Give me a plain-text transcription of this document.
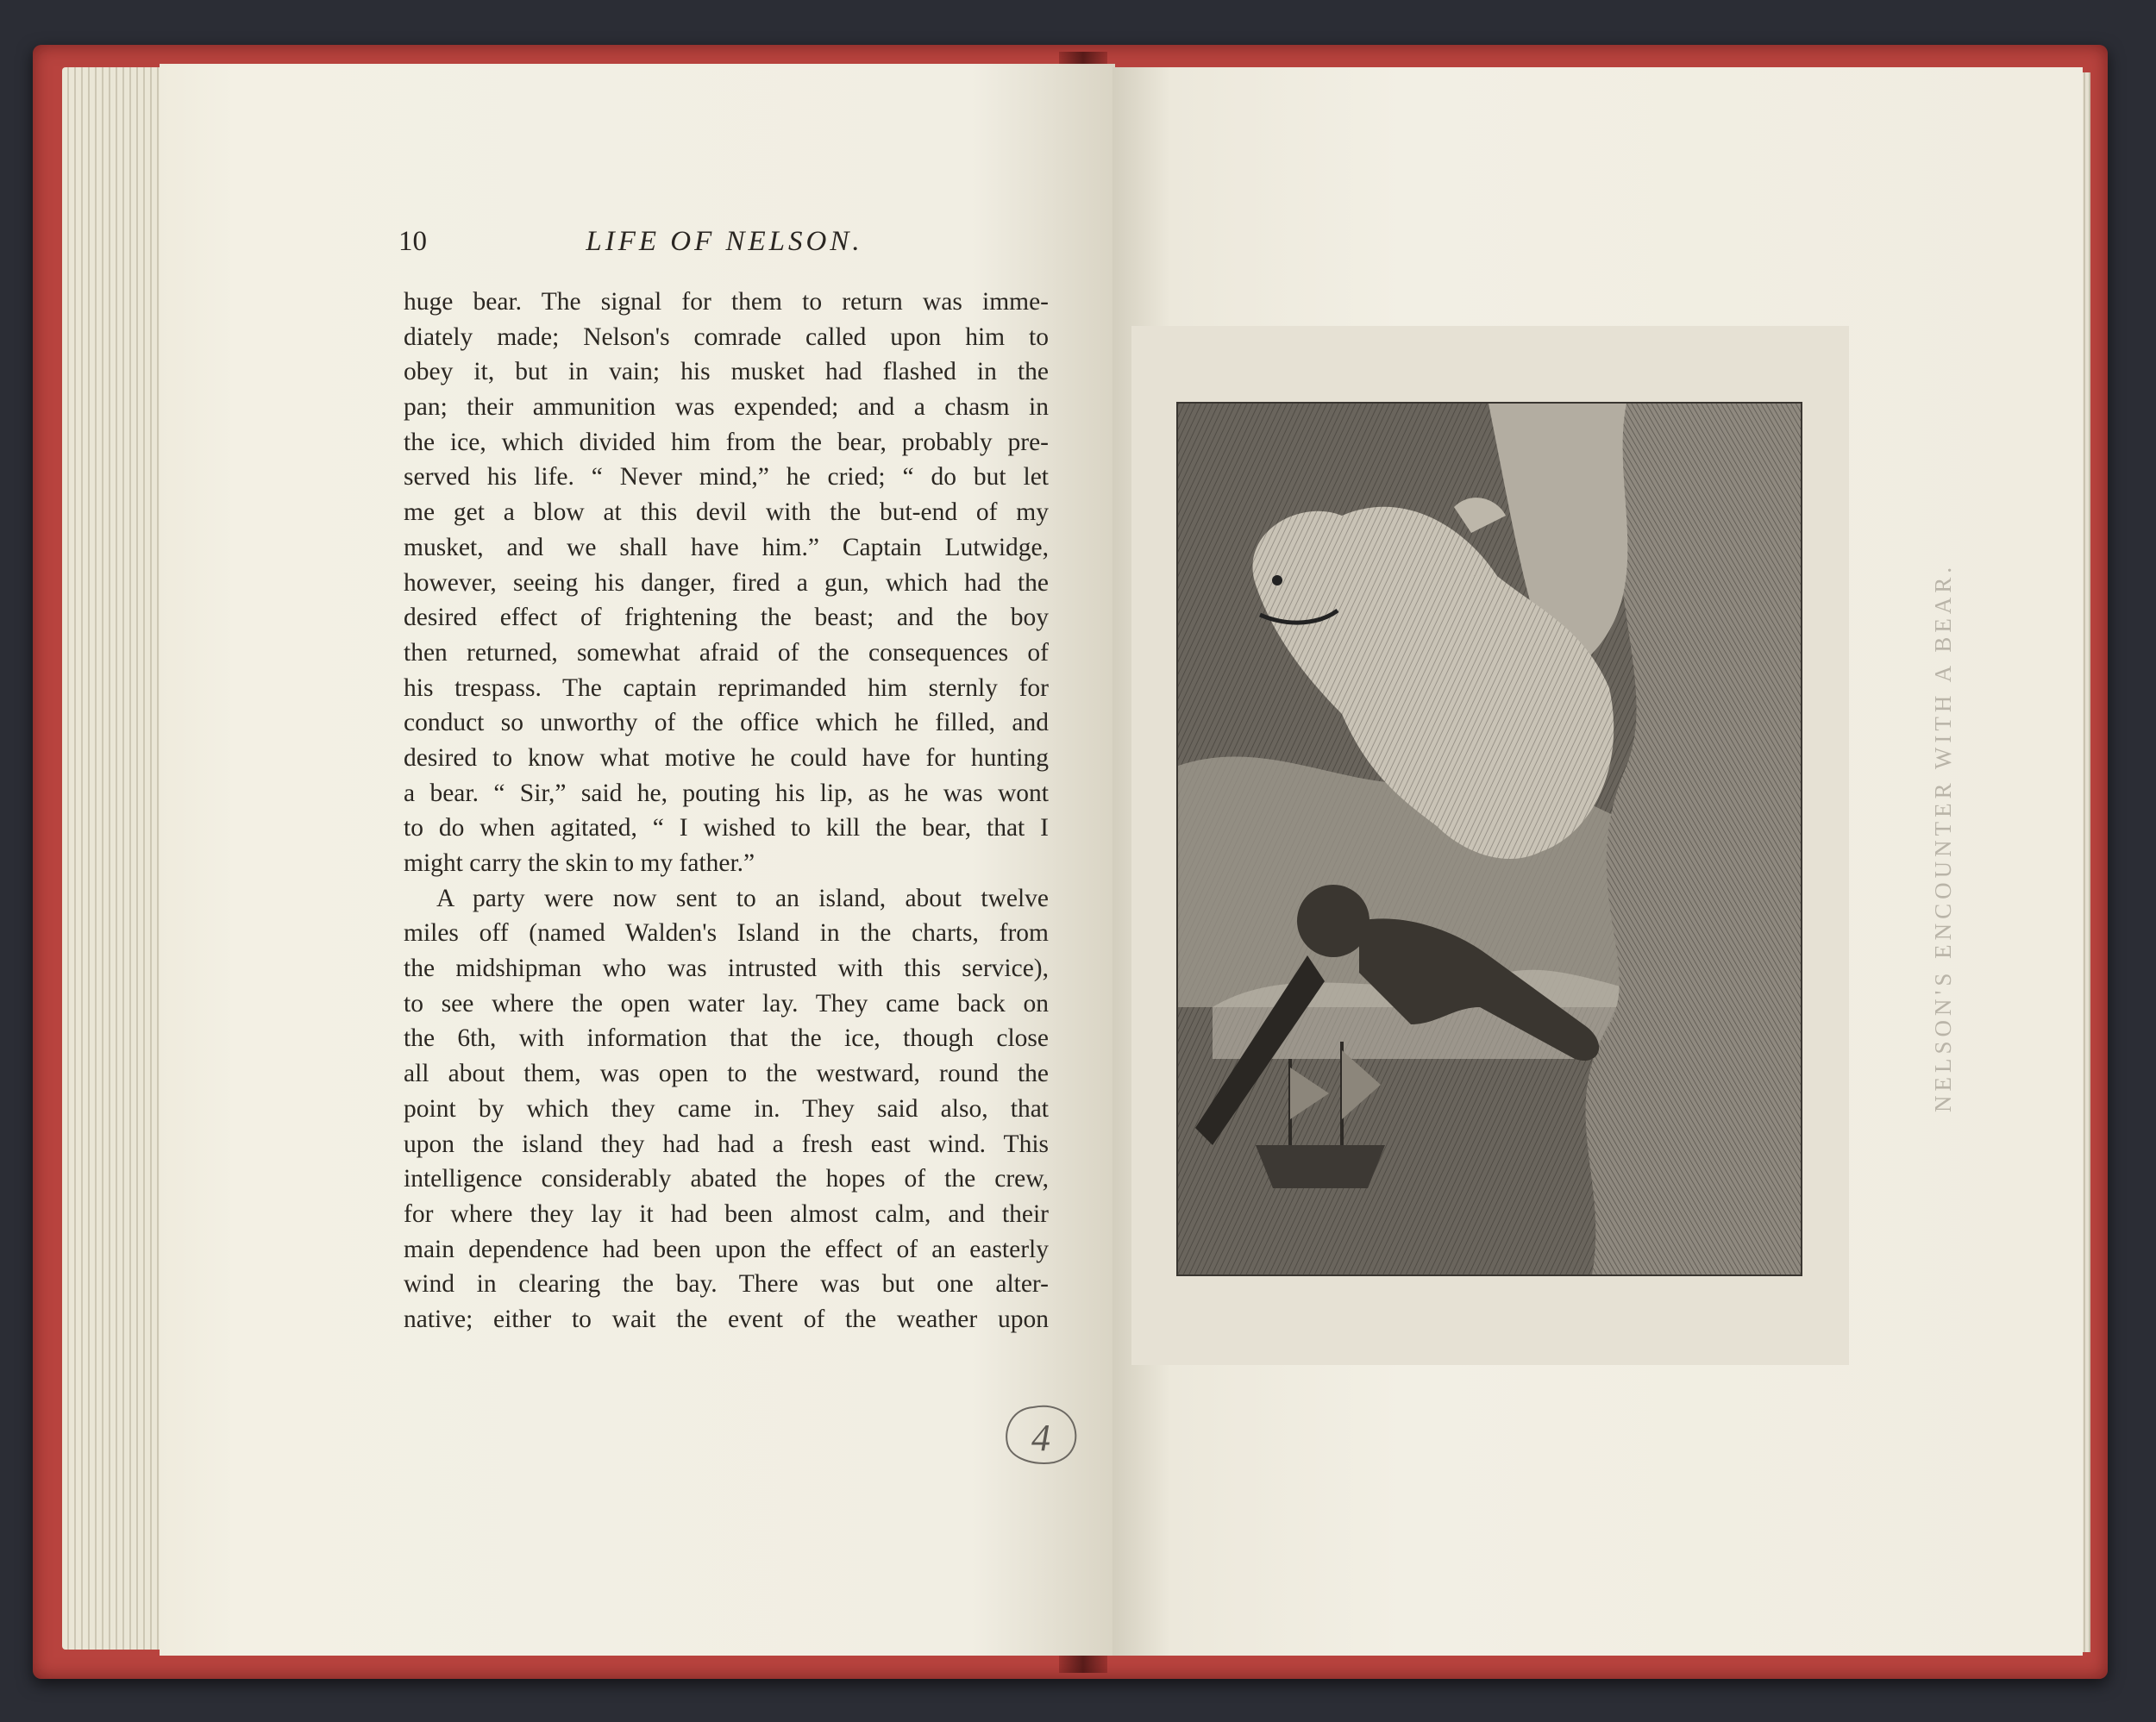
10	LIFE OF NELSON.
huge bear. The signal for them to return was imme-
diately made; Nelson's comrade called upon him to
obey it, but in vain; his musket had flashed in the
pan; their ammunition was expended; and a chasm in
the ice, which divided him from the bear, probably pre-
served his life. “ Never mind,” he cried; “ do but let
me get a blow at this devil with the but-end of my
musket, and we shall have him.” Captain Lutwidge,
however, seeing his danger, fired a gun, which had the
desired effect of frightening the beast; and the boy
then returned, somewhat afraid of the consequences of
his trespass. The captain reprimanded him sternly for
conduct so unworthy of the office which he filled, and
desired to know what motive he could have for hunting
a bear. “ Sir,” said he, pouting his lip, as he was wont
to do when agitated, “ I wished to kill the bear, that I
might carry the skin to my father.”
A party were now sent to an island, about twelve
miles off (named Walden's Island in the charts, from
the midshipman who was intrusted with this service),
to see where the open water lay. They came back on
the 6th, with information that the ice, though close
all about them, was open to the westward, round the
point by which they came in. They said also, that
upon the island they had had a fresh east wind. This
intelligence considerably abated the hopes of the crew,
for where they lay it had been almost calm, and their
main dependence had been upon the effect of an easterly
wind in clearing the bay. There was but one alter-
native; either to wait the event of the weather upon
4
NELSON'S ENCOUNTER WITH A BEAR.
